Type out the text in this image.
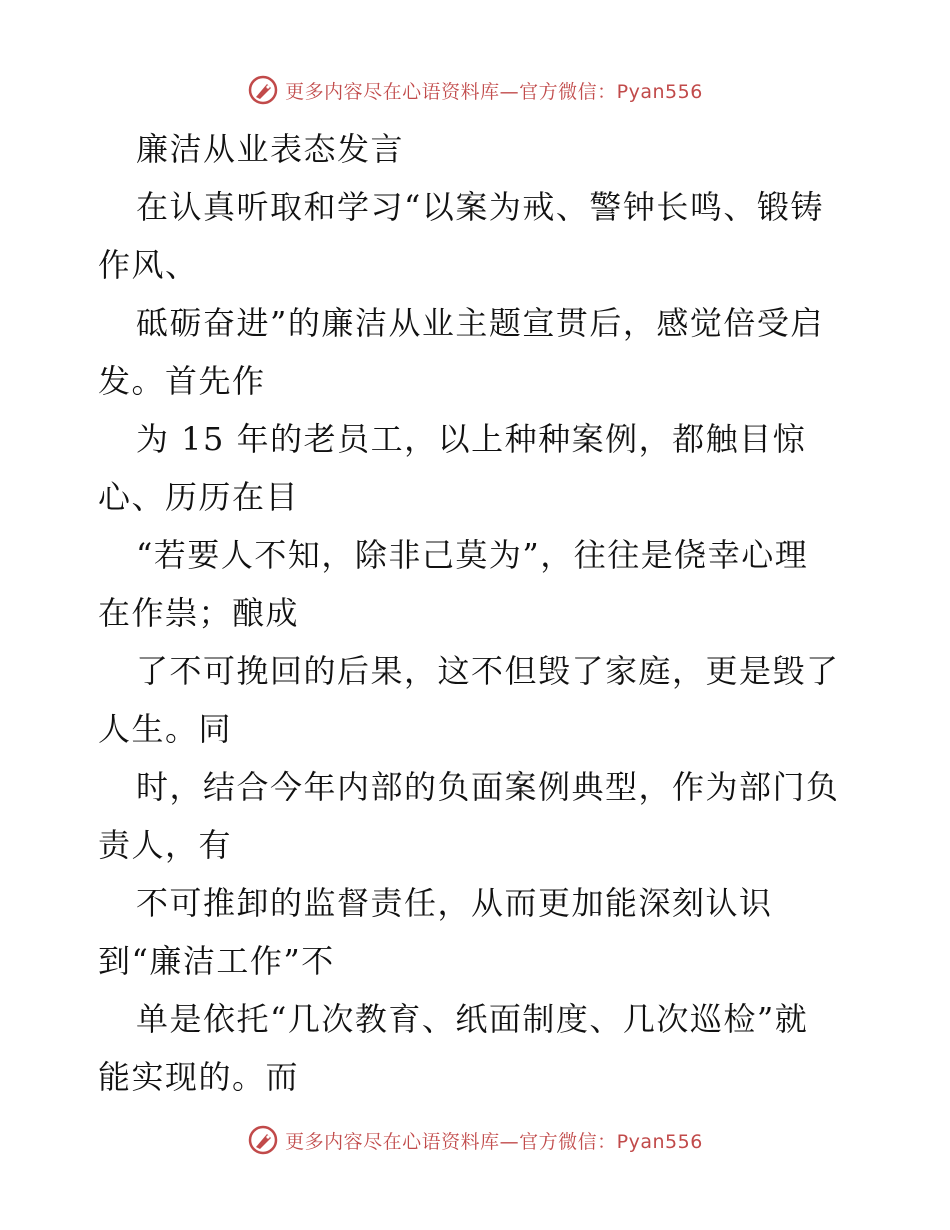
更多内容尽在心语资料库—官方微信：Pyan556

廉洁从业表态发言

在认真听取和学习“以案为戒、警钟长鸣、锻铸

作风、

砥砺奋进”的廉洁从业主题宣贯后，感觉倍受启

发。首先作

为 15 年的老员工，以上种种案例，都触目惊

心、历历在目

“若要人不知，除非己莫为”，往往是侥幸心理

在作祟；酿成

了不可挽回的后果，这不但毁了家庭，更是毁了

人生。同

时，结合今年内部的负面案例典型，作为部门负

责人，有

不可推卸的监督责任，从而更加能深刻认识

到“廉洁工作”不

单是依托“几次教育、纸面制度、几次巡检”就

能实现的。而

更多内容尽在心语资料库—官方微信：Pyan556
